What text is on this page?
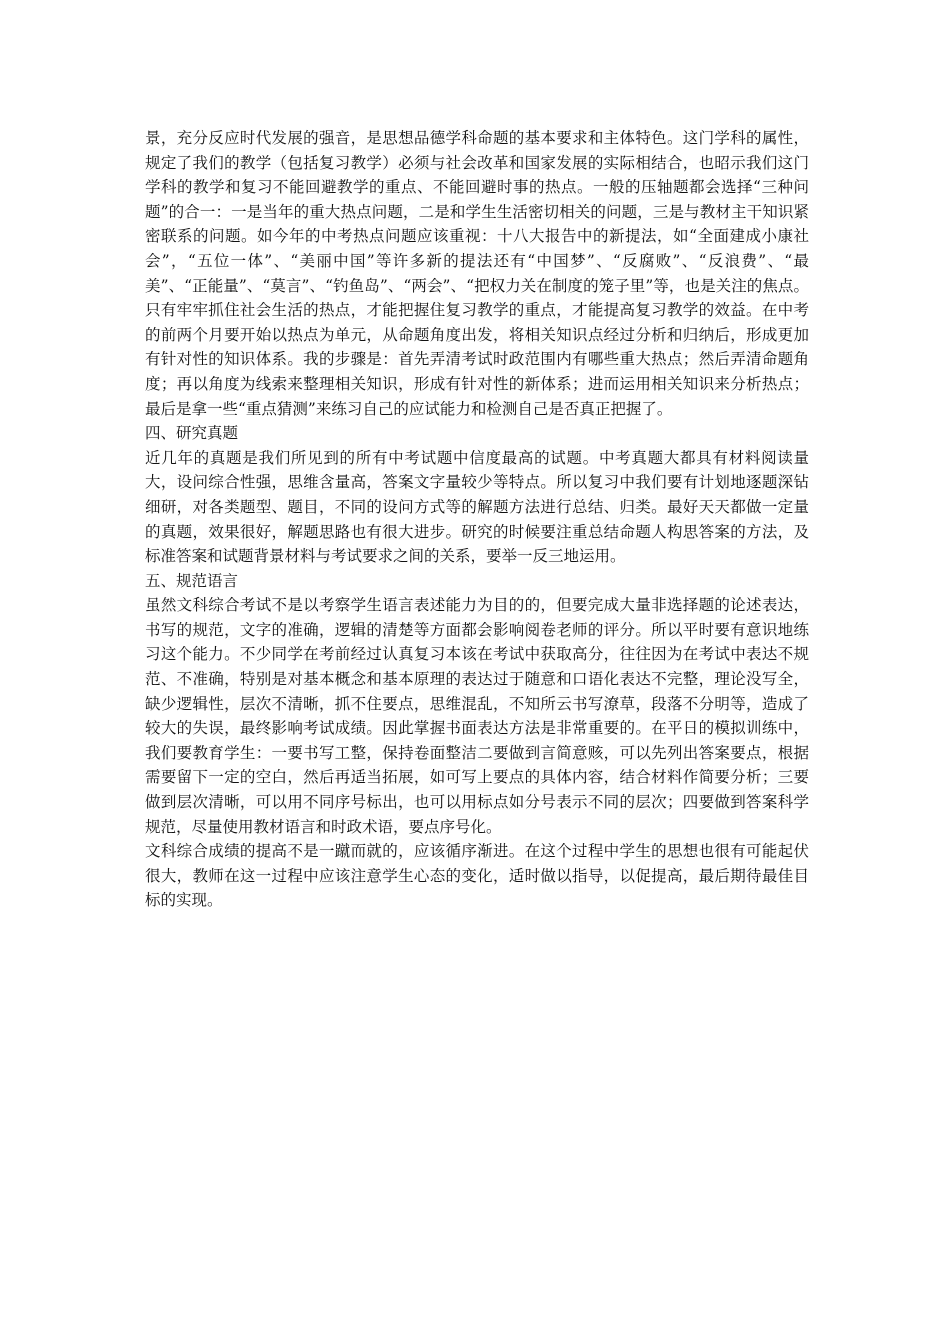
景，充分反应时代发展的强音，是思想品德学科命题的基本要求和主体特色。这门学科的属性，规定了我们的教学（包括复习教学）必须与社会改革和国家发展的实际相结合，也昭示我们这门学科的教学和复习不能回避教学的重点、不能回避时事的热点。一般的压轴题都会选择“三种问题”的合一：一是当年的重大热点问题，二是和学生生活密切相关的问题，三是与教材主干知识紧密联系的问题。如今年的中考热点问题应该重视：十八大报告中的新提法，如“全面建成小康社会”，“五位一体”、“美丽中国”等许多新的提法还有“中国梦”、“反腐败”、“反浪费”、“最美”、“正能量”、“莫言”、“钓鱼岛”、“两会”、“把权力关在制度的笼子里”等，也是关注的焦点。只有牢牢抓住社会生活的热点，才能把握住复习教学的重点，才能提高复习教学的效益。在中考的前两个月要开始以热点为单元，从命题角度出发，将相关知识点经过分析和归纳后，形成更加有针对性的知识体系。我的步骤是：首先弄清考试时政范围内有哪些重大热点；然后弄清命题角度；再以角度为线索来整理相关知识，形成有针对性的新体系；进而运用相关知识来分析热点；最后是拿一些“重点猜测”来练习自己的应试能力和检测自己是否真正把握了。

四、研究真题

近几年的真题是我们所见到的所有中考试题中信度最高的试题。中考真题大都具有材料阅读量大，设问综合性强，思维含量高，答案文字量较少等特点。所以复习中我们要有计划地逐题深钻细研，对各类题型、题目，不同的设问方式等的解题方法进行总结、归类。最好天天都做一定量的真题，效果很好，解题思路也有很大进步。研究的时候要注重总结命题人构思答案的方法，及标准答案和试题背景材料与考试要求之间的关系，要举一反三地运用。

五、规范语言

虽然文科综合考试不是以考察学生语言表述能力为目的的，但要完成大量非选择题的论述表达，书写的规范，文字的准确，逻辑的清楚等方面都会影响阅卷老师的评分。所以平时要有意识地练习这个能力。不少同学在考前经过认真复习本该在考试中获取高分，往往因为在考试中表达不规范、不准确，特别是对基本概念和基本原理的表达过于随意和口语化表达不完整，理论没写全，缺少逻辑性，层次不清晰，抓不住要点，思维混乱，不知所云书写潦草，段落不分明等，造成了较大的失误，最终影响考试成绩。因此掌握书面表达方法是非常重要的。在平日的模拟训练中，我们要教育学生：一要书写工整，保持卷面整洁二要做到言简意赅，可以先列出答案要点，根据需要留下一定的空白，然后再适当拓展，如可写上要点的具体内容，结合材料作简要分析；三要做到层次清晰，可以用不同序号标出，也可以用标点如分号表示不同的层次；四要做到答案科学规范，尽量使用教材语言和时政术语，要点序号化。

文科综合成绩的提高不是一蹴而就的，应该循序渐进。在这个过程中学生的思想也很有可能起伏很大，教师在这一过程中应该注意学生心态的变化，适时做以指导，以促提高，最后期待最佳目标的实现。
